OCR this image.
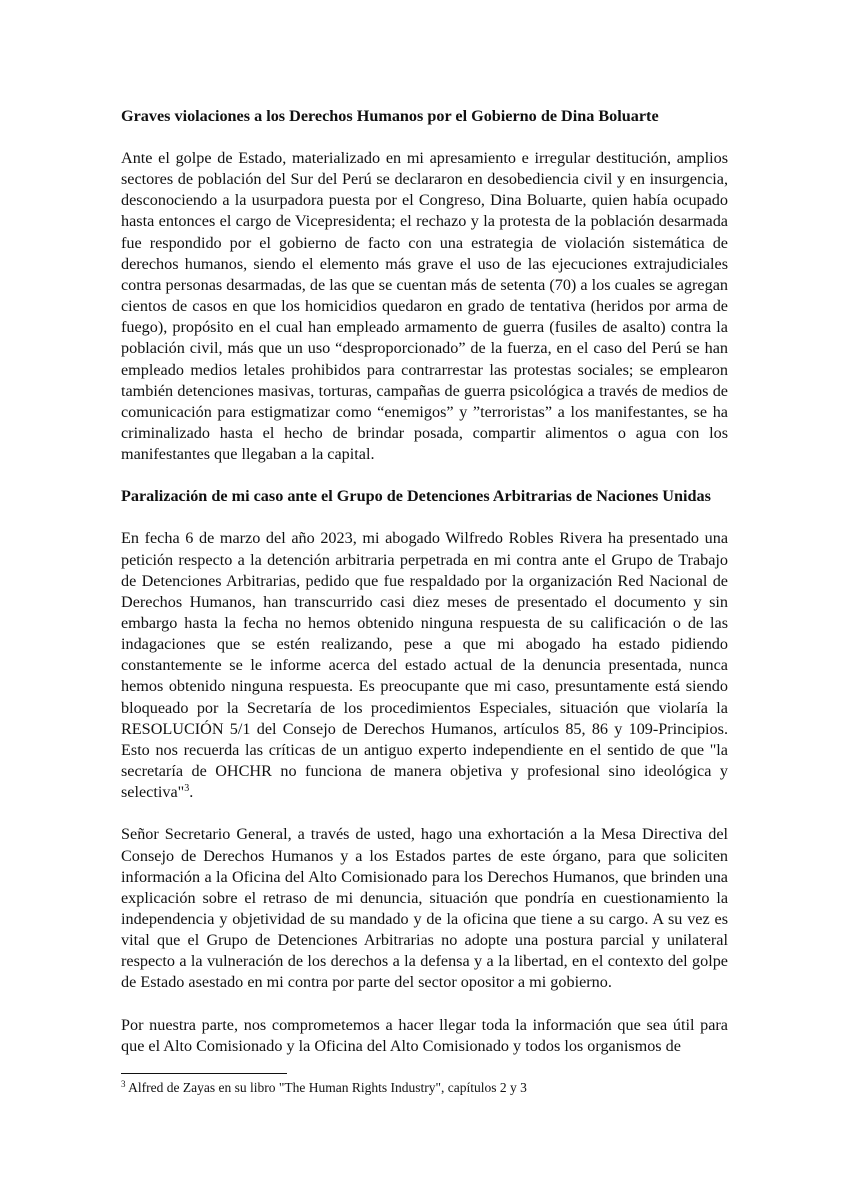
Graves violaciones a los Derechos Humanos por el Gobierno de Dina Boluarte

Ante el golpe de Estado, materializado en mi apresamiento e irregular destitución, amplios sectores de población del Sur del Perú se declararon en desobediencia civil y en insurgencia, desconociendo a la usurpadora puesta por el Congreso, Dina Boluarte, quien había ocupado hasta entonces el cargo de Vicepresidenta; el rechazo y la protesta de la población desarmada fue respondido por el gobierno de facto con una estrategia de violación sistemática de derechos humanos, siendo el elemento más grave el uso de las ejecuciones extrajudiciales contra personas desarmadas, de las que se cuentan más de setenta (70) a los cuales se agregan cientos de casos en que los homicidios quedaron en grado de tentativa (heridos por arma de fuego), propósito en el cual han empleado armamento de guerra (fusiles de asalto) contra la población civil, más que un uso “desproporcionado” de la fuerza, en el caso del Perú se han empleado medios letales prohibidos para contrarrestar las protestas sociales; se emplearon también detenciones masivas, torturas, campañas de guerra psicológica a través de medios de comunicación para estigmatizar como “enemigos” y ”terroristas” a los manifestantes, se ha criminalizado hasta el hecho de brindar posada, compartir alimentos o agua con los manifestantes que llegaban a la capital.

Paralización de mi caso ante el Grupo de Detenciones Arbitrarias de Naciones Unidas

En fecha 6 de marzo del año 2023, mi abogado Wilfredo Robles Rivera ha presentado una petición respecto a la detención arbitraria perpetrada en mi contra ante el Grupo de Trabajo de Detenciones Arbitrarias, pedido que fue respaldado por la organización Red Nacional de Derechos Humanos, han transcurrido casi diez meses de presentado el documento y sin embargo hasta la fecha no hemos obtenido ninguna respuesta de su calificación o de las indagaciones que se estén realizando, pese a que mi abogado ha estado pidiendo constantemente se le informe acerca del estado actual de la denuncia presentada, nunca hemos obtenido ninguna respuesta. Es preocupante que mi caso, presuntamente está siendo bloqueado por la Secretaría de los procedimientos Especiales, situación que violaría la RESOLUCIÓN 5/1 del Consejo de Derechos Humanos, artículos 85, 86 y 109-Principios. Esto nos recuerda las críticas de un antiguo experto independiente en el sentido de que "la secretaría de OHCHR no funciona de manera objetiva y profesional sino ideológica y selectiva"$^3$.

Señor Secretario General, a través de usted, hago una exhortación a la Mesa Directiva del Consejo de Derechos Humanos y a los Estados partes de este órgano, para que soliciten información a la Oficina del Alto Comisionado para los Derechos Humanos, que brinden una explicación sobre el retraso de mi denuncia, situación que pondría en cuestionamiento la independencia y objetividad de su mandado y de la oficina que tiene a su cargo. A su vez es vital que el Grupo de Detenciones Arbitrarias no adopte una postura parcial y unilateral respecto a la vulneración de los derechos a la defensa y a la libertad, en el contexto del golpe de Estado asestado en mi contra por parte del sector opositor a mi gobierno.

Por nuestra parte, nos comprometemos a hacer llegar toda la información que sea útil para que el Alto Comisionado y la Oficina del Alto Comisionado y todos los organismos de

$^3$ Alfred de Zayas en su libro "The Human Rights Industry", capítulos 2 y 3
